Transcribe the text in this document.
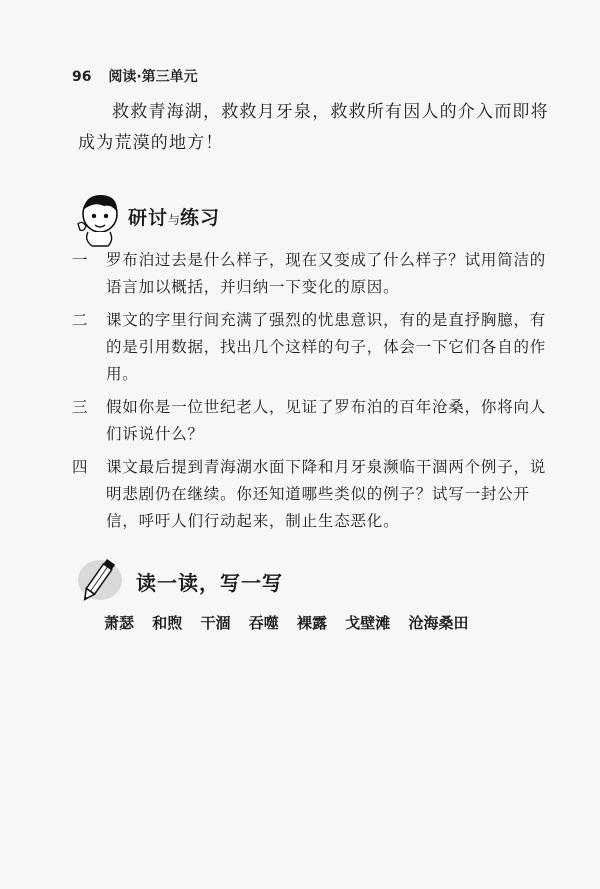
96 阅读·第三单元

救救青海湖，救救月牙泉，救救所有因人的介入而即将成为荒漠的地方！

研讨与练习
一	罗布泊过去是什么样子，现在又变成了什么样子？试用简洁的语言加以概括，并归纳一下变化的原因。
二	课文的字里行间充满了强烈的忧患意识，有的是直抒胸臆，有的是引用数据，找出几个这样的句子，体会一下它们各自的作用。
三	假如你是一位世纪老人，见证了罗布泊的百年沧桑，你将向人们诉说什么？
四	课文最后提到青海湖水面下降和月牙泉濒临干涸两个例子，说明悲剧仍在继续。你还知道哪些类似的例子？试写一封公开信，呼吁人们行动起来，制止生态恶化。
读一读，写一写
萧瑟 和煦 干涸 吞噬 裸露 戈壁滩 沧海桑田
